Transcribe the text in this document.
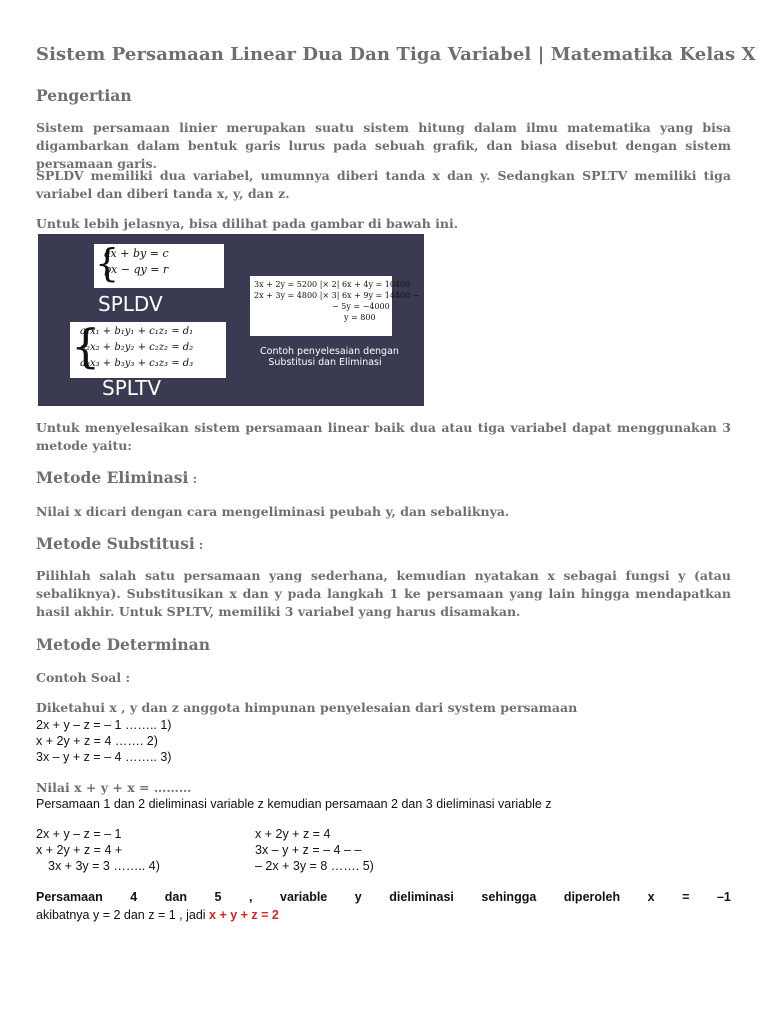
Sistem Persamaan Linear Dua Dan Tiga Variabel | Matematika Kelas X
Pengertian

Sistem persamaan linier merupakan suatu sistem hitung dalam ilmu matematika yang bisa digambarkan dalam bentuk garis lurus pada sebuah grafik, dan biasa disebut dengan sistem persamaan garis.

SPLDV memiliki dua variabel, umumnya diberi tanda x dan y. Sedangkan SPLTV memiliki tiga variabel dan diberi tanda x, y, dan z.

Untuk lebih jelasnya, bisa dilihat pada gambar di bawah ini.

{
ax + by = c
px − qy = r
SPLDV
{
a₁x₁ + b₁y₁ + c₁z₁ = d₁
a₂x₂ + b₂y₂ + c₂z₂ = d₂
a₃x₃ + b₃y₃ + c₃z₃ = d₃
SPLTV
3x + 2y = 5200 |× 2| 6x + 4y = 10400
2x + 3y = 4800 |× 3| 6x + 9y = 14400 −
− 5y = −4000
y = 800
Contoh penyelesaian dengan
Substitusi dan Eliminasi

Untuk menyelesaikan sistem persamaan linear baik dua atau tiga variabel dapat menggunakan 3 metode yaitu:

Metode Eliminasi :

Nilai x dicari dengan cara mengeliminasi peubah y, dan sebaliknya.

Metode Substitusi :

Pilihlah salah satu persamaan yang sederhana, kemudian nyatakan x sebagai fungsi y (atau sebaliknya). Substitusikan x dan y pada langkah 1 ke persamaan yang lain hingga mendapatkan hasil akhir. Untuk SPLTV, memiliki 3 variabel yang harus disamakan.

Metode Determinan

Contoh Soal :

Diketahui x , y dan z anggota himpunan penyelesaian dari system persamaan

2x + y – z = – 1 …….. 1)
x + 2y + z = 4 ……. 2)
3x – y + z = – 4 …….. 3)

Nilai x + y + x = ………

Persamaan 1 dan 2 dieliminasi variable z kemudian persamaan 2 dan 3 dieliminasi variable z
2x + y – z = – 1
x + 2y + z = 4 +
3x + 3y = 3 …….. 4)
x + 2y + z = 4
3x – y + z = – 4 – –
– 2x + 3y = 8 ……. 5)
Persamaan 4 dan 5 , variable y dieliminasi sehingga diperoleh x = –1
akibatnya y = 2 dan z = 1 , jadi x + y + z = 2
